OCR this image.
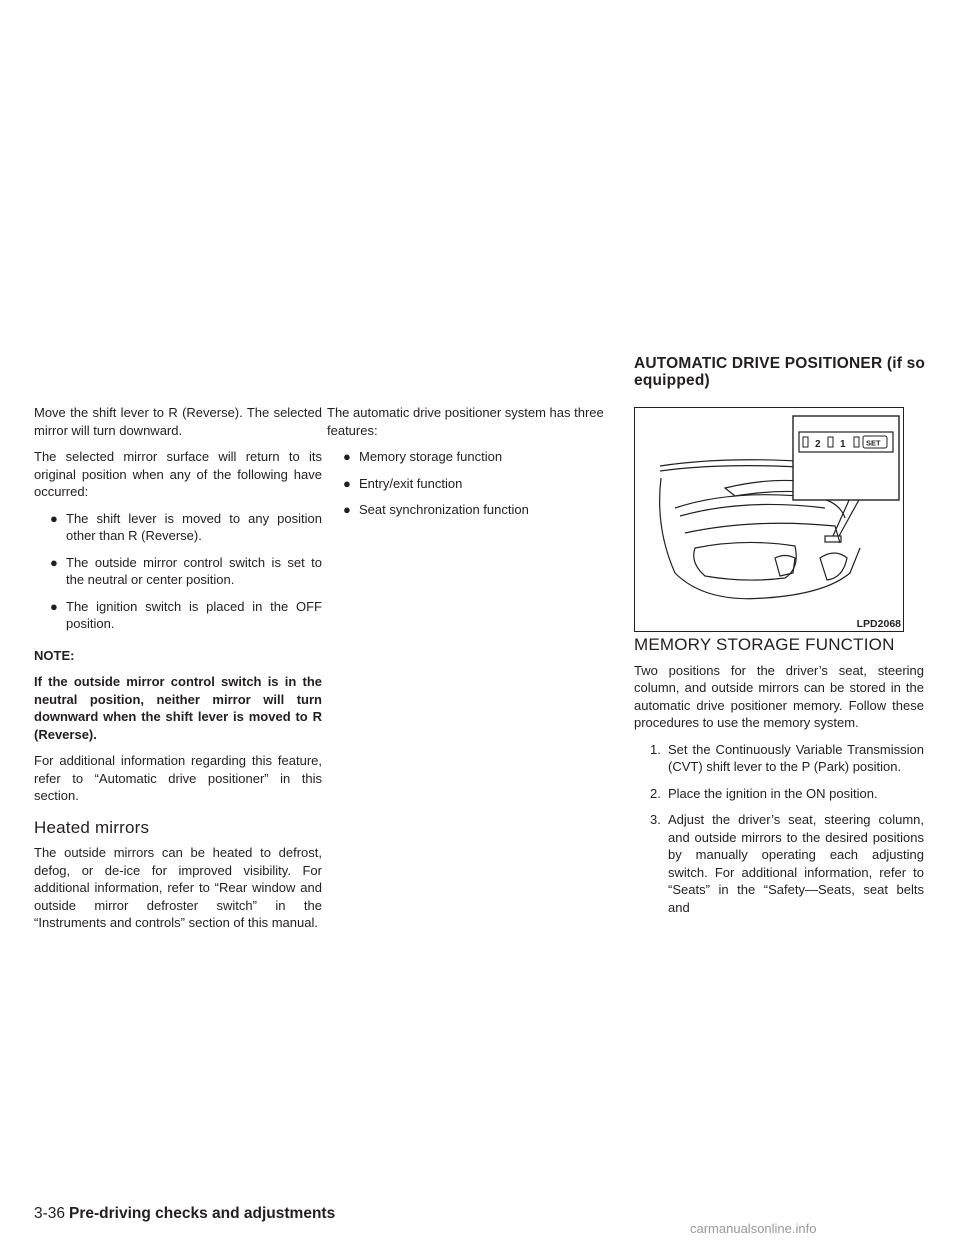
Move the shift lever to R (Reverse). The selected mirror will turn downward.

The selected mirror surface will return to its original position when any of the following have occurred:

● The shift lever is moved to any position other than R (Reverse).
● The outside mirror control switch is set to the neutral or center position.
● The ignition switch is placed in the OFF position.

NOTE:

If the outside mirror control switch is in the neutral position, neither mirror will turn downward when the shift lever is moved to R (Reverse).

For additional information regarding this feature, refer to “Automatic drive positioner” in this section.

Heated mirrors

The outside mirrors can be heated to defrost, defog, or de-ice for improved visibility. For additional information, refer to “Rear window and outside mirror defroster switch” in the “Instruments and controls” section of this manual.

The automatic drive positioner system has three features:

● Memory storage function
● Entry/exit function
● Seat synchronization function
AUTOMATIC DRIVE POSITIONER (if so equipped)
2 1	SET
LPD2068
MEMORY STORAGE FUNCTION

Two positions for the driver’s seat, steering column, and outside mirrors can be stored in the automatic drive positioner memory. Follow these procedures to use the memory system.

1. Set the Continuously Variable Transmission (CVT) shift lever to the P (Park) position.
2. Place the ignition in the ON position.
3. Adjust the driver’s seat, steering column, and outside mirrors to the desired positions by manually operating each adjusting switch. For additional information, refer to “Seats” in the “Safety—Seats, seat belts and
3-36 Pre-driving checks and adjustments
carmanualsonline.info
